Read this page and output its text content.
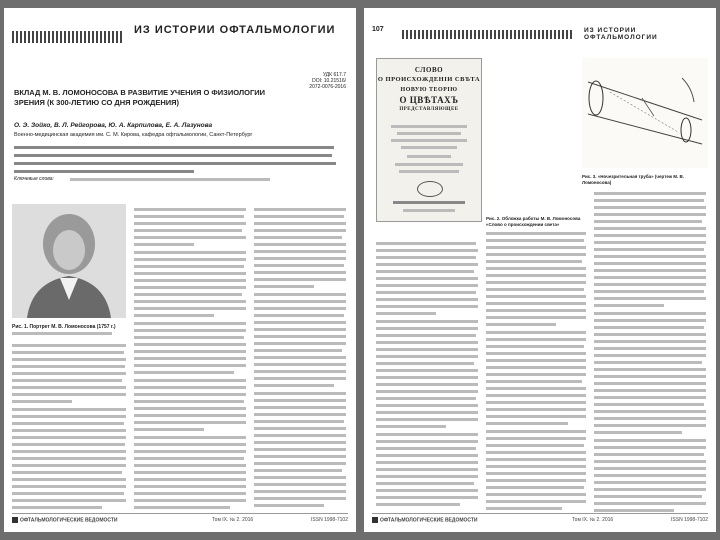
ИЗ ИСТОРИИ ОФТАЛЬМОЛОГИИ
УДК 617.7
DOI: 10.21516/
2072-0076-2016
ВКЛАД М. В. ЛОМОНОСОВА В РАЗВИТИЕ УЧЕНИЯ О ФИЗИОЛОГИИ ЗРЕНИЯ (К 300-ЛЕТИЮ СО ДНЯ РОЖДЕНИЯ)
О. Э. Зойко, В. Л. Рейгорова, Ю. А. Карпилова, Е. А. Лазунова
Военно-медицинская академия им. С. М. Кирова, кафедра офтальмологии, Санкт-Петербург
Ключевые слова:
Рис. 1. Портрет М. В. Ломоносова (1757 г.)
ОФТАЛЬМОЛОГИЧЕСКИЕ ВЕДОМОСТИ	Том IX. № 2. 2016	ISSN 1998-7102
107	ИЗ ИСТОРИИ ОФТАЛЬМОЛОГИИ
СЛОВО
О ПРОИСХОЖДЕНІИ СВѢТА
НОВУЮ ТЕОРІЮ
О ЦВѢТАХЪ
ПРЕДСТАВЛЯЮЩЕЕ
Рис. 2. Обложка работы М. В. Ломоносова «Слово о происхождении света»
Рис. 3. «Ночезрительная труба» (чертеж М. В. Ломоносова)
ОФТАЛЬМОЛОГИЧЕСКИЕ ВЕДОМОСТИ	Том IX. № 2. 2016	ISSN 1998-7102
